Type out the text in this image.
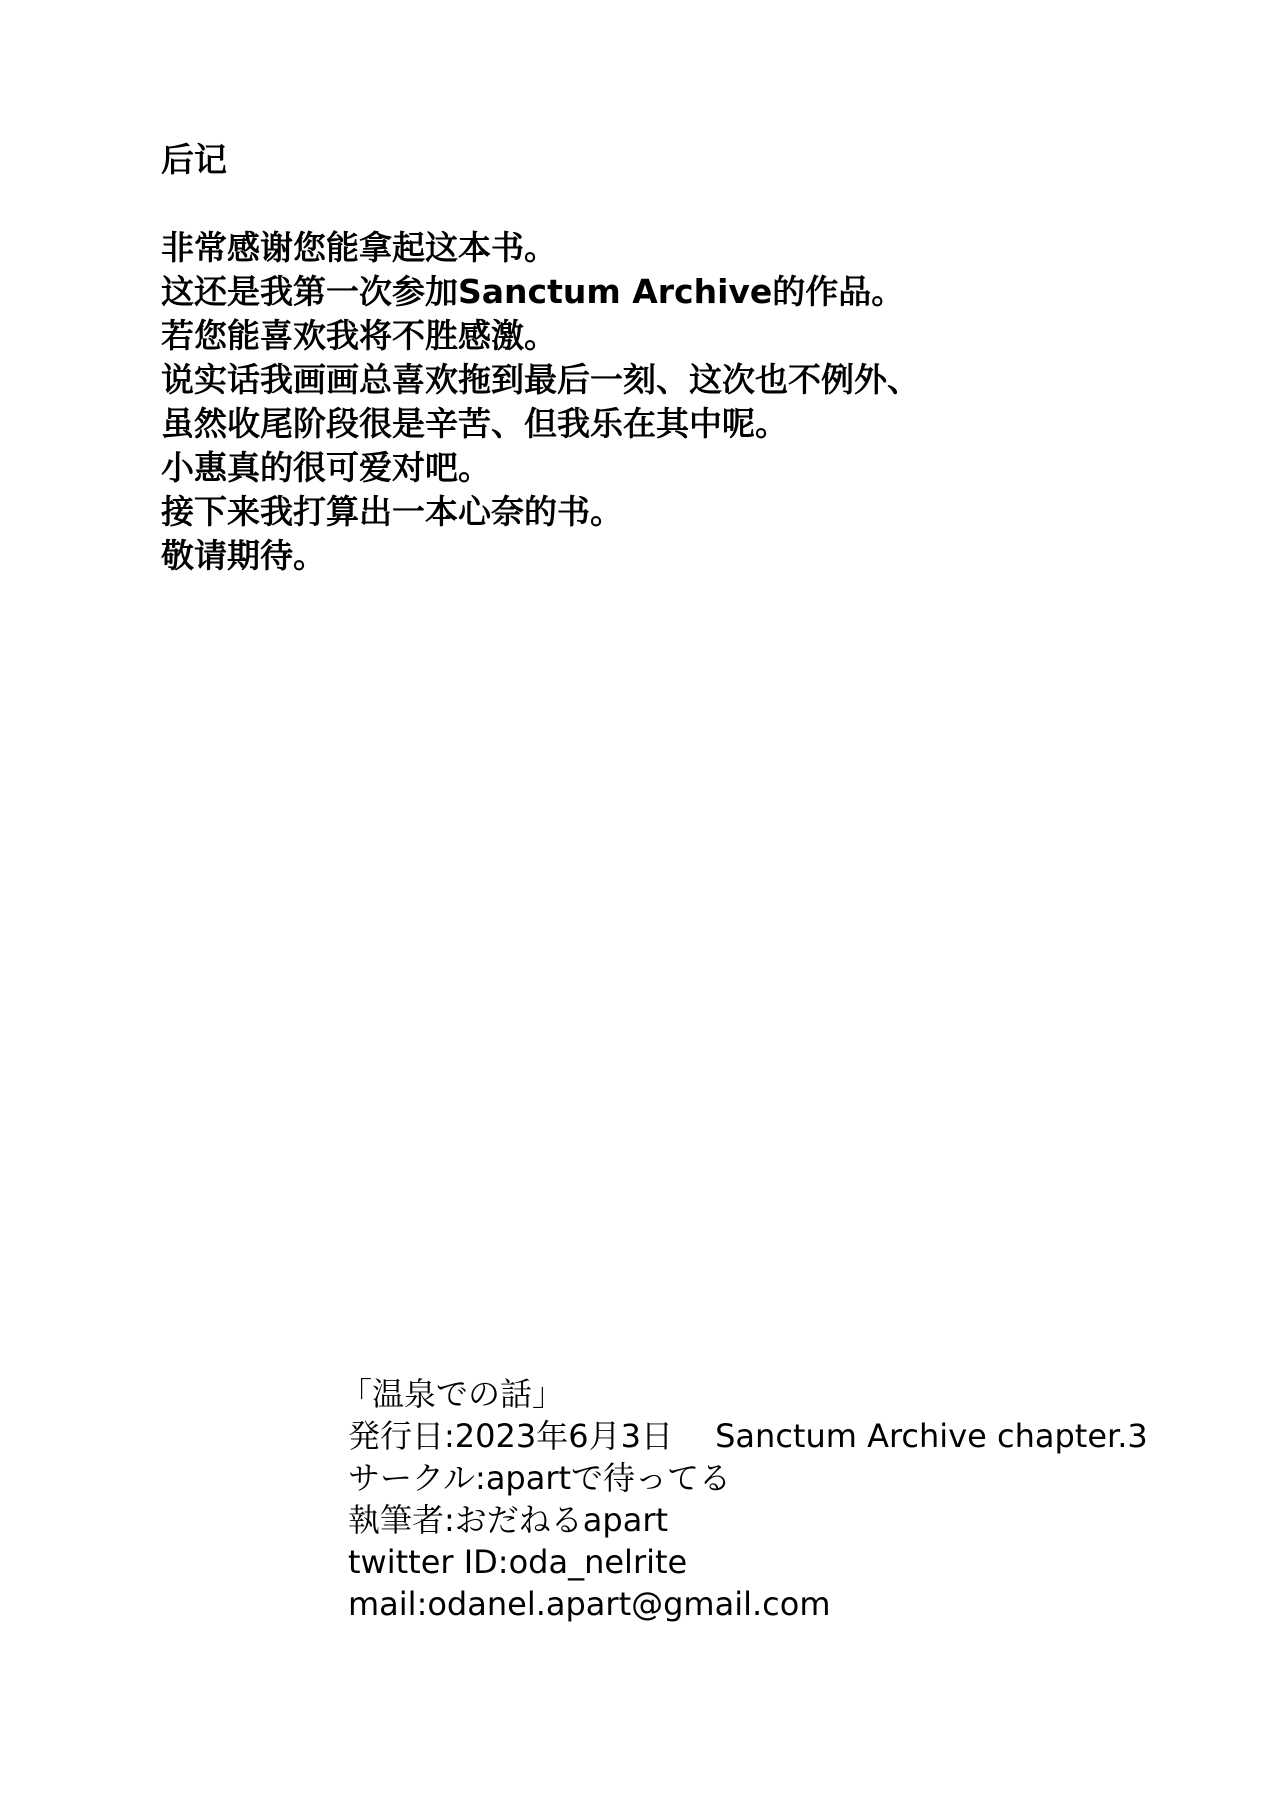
后记

非常感谢您能拿起这本书。

这还是我第一次参加Sanctum Archive的作品。

若您能喜欢我将不胜感激。

说实话我画画总喜欢拖到最后一刻、这次也不例外、

虽然收尾阶段很是辛苦、但我乐在其中呢。

小惠真的很可爱对吧。

接下来我打算出一本心奈的书。

敬请期待。

「温泉での話」

発行日:2023年6月3日　 Sanctum Archive chapter.3

サークル:apartで待ってる

執筆者:おだねるapart

twitter ID:oda_nelrite

mail:odanel.apart@gmail.com
